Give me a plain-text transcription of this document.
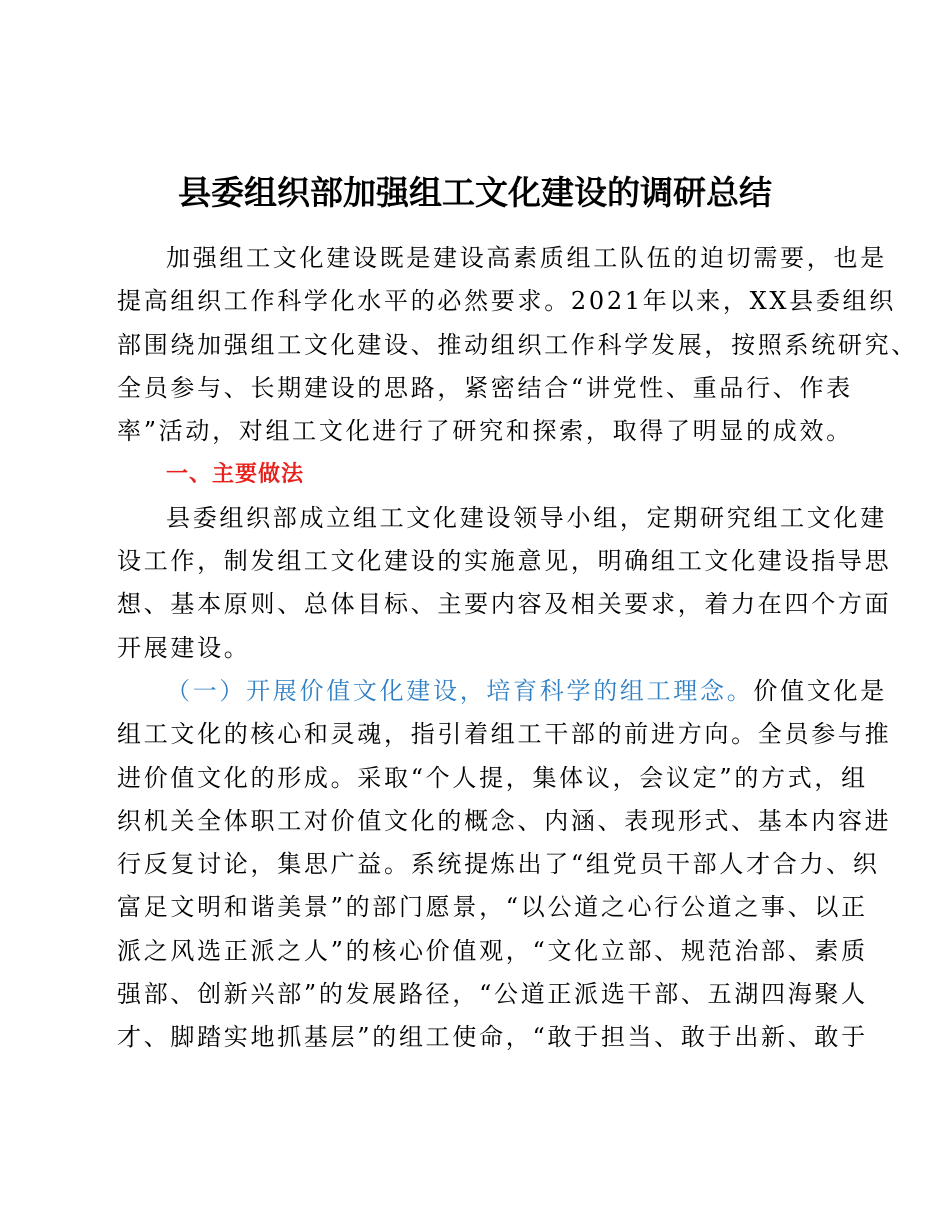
县委组织部加强组工文化建设的调研总结
加强组工文化建设既是建设高素质组工队伍的迫切需要，也是
提高组织工作科学化水平的必然要求。2021年以来，XX县委组织
部围绕加强组工文化建设、推动组织工作科学发展，按照系统研究、
全员参与、长期建设的思路，紧密结合“讲党性、重品行、作表
率”活动，对组工文化进行了研究和探索，取得了明显的成效。
一、主要做法
县委组织部成立组工文化建设领导小组，定期研究组工文化建
设工作，制发组工文化建设的实施意见，明确组工文化建设指导思
想、基本原则、总体目标、主要内容及相关要求，着力在四个方面
开展建设。
（一）开展价值文化建设，培育科学的组工理念。价值文化是
组工文化的核心和灵魂，指引着组工干部的前进方向。全员参与推
进价值文化的形成。采取“个人提，集体议，会议定”的方式，组
织机关全体职工对价值文化的概念、内涵、表现形式、基本内容进
行反复讨论，集思广益。系统提炼出了“组党员干部人才合力、织
富足文明和谐美景”的部门愿景，“以公道之心行公道之事、以正
派之风选正派之人”的核心价值观，“文化立部、规范治部、素质
强部、创新兴部”的发展路径，“公道正派选干部、五湖四海聚人
才、脚踏实地抓基层”的组工使命，“敢于担当、敢于出新、敢于
